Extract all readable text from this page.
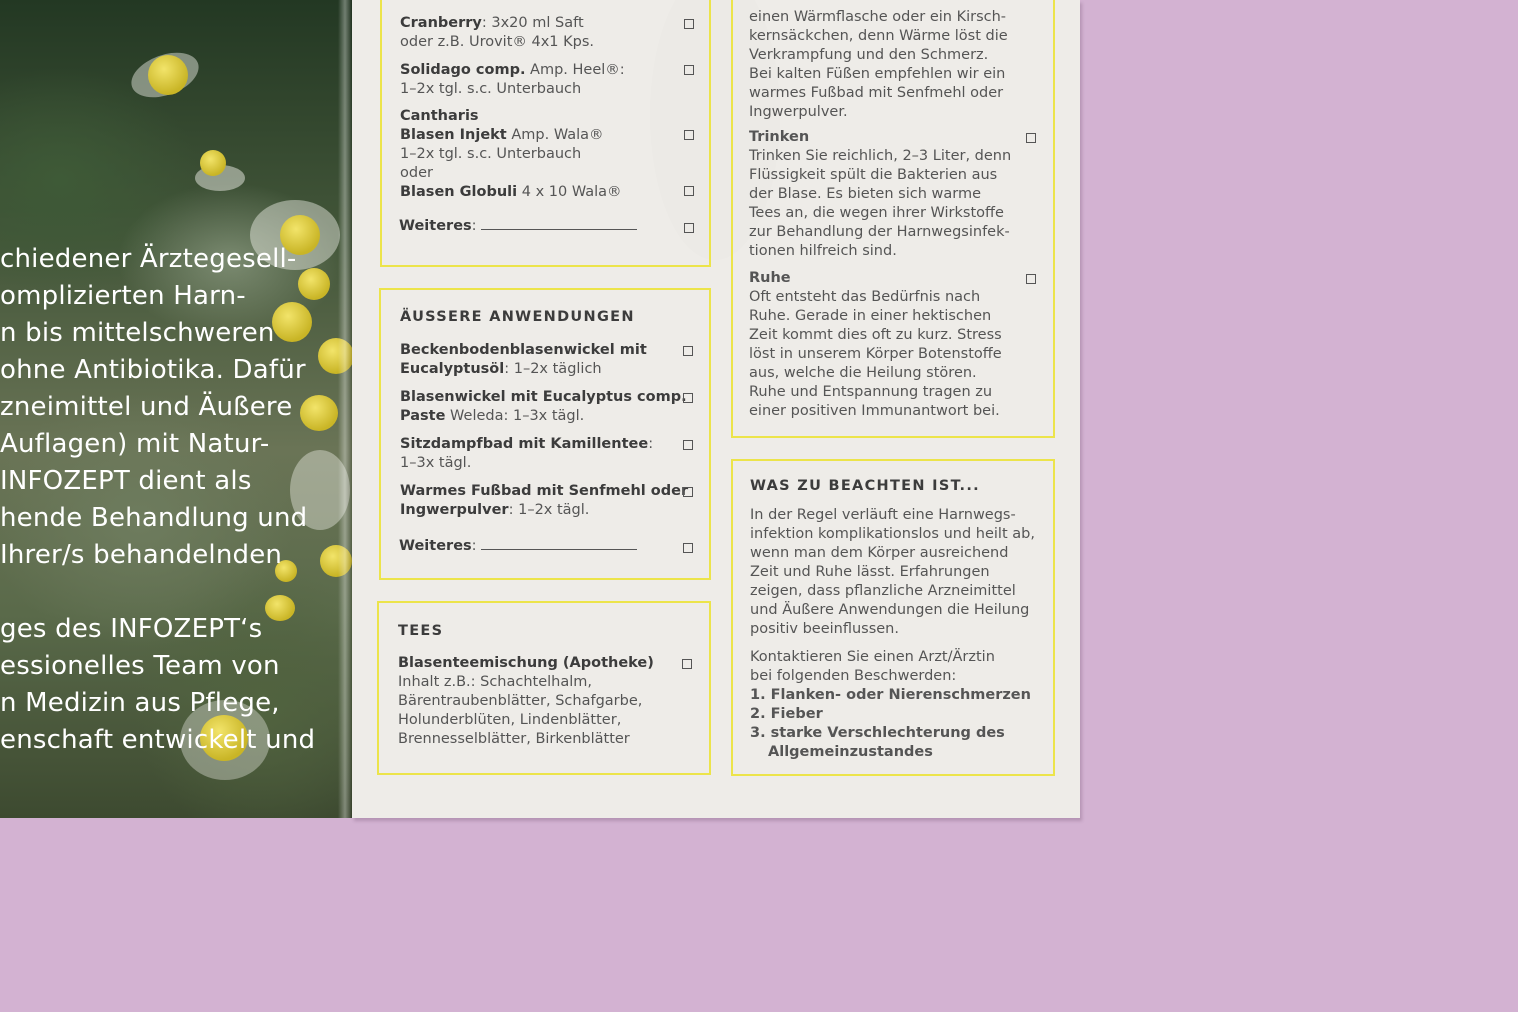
chiedener Ärztegesell-
omplizierten Harn-
n bis mittelschweren
ohne Antibiotika. Dafür
zneimittel und Äußere
Auflagen) mit Natur-
INFOZEPT dient als
hende Behandlung und
Ihrer/s behandelnden
ges des INFOZEPT‘s
essionelles Team von
n Medizin aus Pflege,
enschaft entwickelt und
Cranberry: 3x20 ml Saft
oder z.B. Urovit® 4x1 Kps.
Solidago comp. Amp. Heel®:
1–2x tgl. s.c. Unterbauch
Cantharis
Blasen Injekt Amp. Wala®
1–2x tgl. s.c. Unterbauch
oder
Blasen Globuli 4 x 10 Wala®
Weiteres:
ÄUSSERE ANWENDUNGEN
Beckenbodenblasenwickel mit
Eucalyptusöl: 1–2x täglich
Blasenwickel mit Eucalyptus comp.
Paste Weleda: 1–3x tägl.
Sitzdampfbad mit Kamillentee:
1–3x tägl.
Warmes Fußbad mit Senfmehl oder
Ingwerpulver: 1–2x tägl.
Weiteres:
TEES
Blasenteemischung (Apotheke)
Inhalt z.B.: Schachtelhalm,
Bärentraubenblätter, Schafgarbe,
Holunderblüten, Lindenblätter,
Brennesselblätter, Birkenblätter
einen Wärmflasche oder ein Kirsch-
kernsäckchen, denn Wärme löst die
Verkrampfung und den Schmerz.
Bei kalten Füßen empfehlen wir ein
warmes Fußbad mit Senfmehl oder
Ingwerpulver.
Trinken
Trinken Sie reichlich, 2–3 Liter, denn
Flüssigkeit spült die Bakterien aus
der Blase. Es bieten sich warme
Tees an, die wegen ihrer Wirkstoffe
zur Behandlung der Harnwegsinfek-
tionen hilfreich sind.
Ruhe
Oft entsteht das Bedürfnis nach
Ruhe. Gerade in einer hektischen
Zeit kommt dies oft zu kurz. Stress
löst in unserem Körper Botenstoffe
aus, welche die Heilung stören.
Ruhe und Entspannung tragen zu
einer positiven Immunantwort bei.
WAS ZU BEACHTEN IST...
In der Regel verläuft eine Harnwegs-
infektion komplikationslos und heilt ab,
wenn man dem Körper ausreichend
Zeit und Ruhe lässt. Erfahrungen
zeigen, dass pflanzliche Arzneimittel
und Äußere Anwendungen die Heilung
positiv beeinflussen.
Kontaktieren Sie einen Arzt/Ärztin
bei folgenden Beschwerden:
1. Flanken- oder Nierenschmerzen
2. Fieber
3. starke Verschlechterung des
Allgemeinzustandes
